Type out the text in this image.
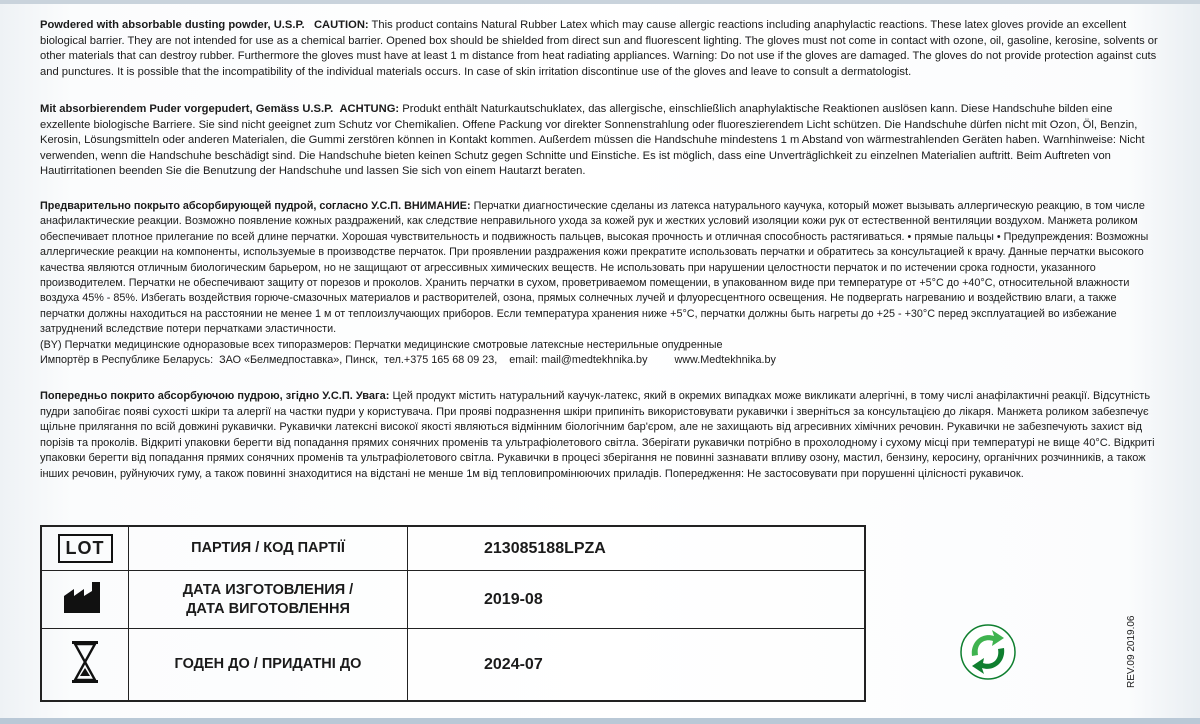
Powdered with absorbable dusting powder, U.S.P. CAUTION: This product contains Natural Rubber Latex which may cause allergic reactions including anaphylactic reactions. These latex gloves provide an excellent biological barrier. They are not intended for use as a chemical barrier. Opened box should be shielded from direct sun and fluorescent lighting. The gloves must not come in contact with ozone, oil, gasoline, kerosine, solvents or other materials that can destroy rubber. Furthermore the gloves must have at least 1 m distance from heat radiating appliances. Warning: Do not use if the gloves are damaged. The gloves do not provide protection against cuts and punctures. It is possible that the incompatibility of the individual materials occurs. In case of skin irritation discontinue use of the gloves and leave to consult a dermatologist.

Mit absorbierendem Puder vorgepudert, Gemäss U.S.P. ACHTUNG: Produkt enthält Naturkautschuklatex, das allergische, einschließlich anaphylaktische Reaktionen auslösen kann. Diese Handschuhe bilden eine exzellente biologische Barriere. Sie sind nicht geeignet zum Schutz vor Chemikalien. Offene Packung vor direkter Sonnenstrahlung oder fluoreszierendem Licht schützen. Die Handschuhe dürfen nicht mit Ozon, Öl, Benzin, Kerosin, Lösungsmitteln oder anderen Materialen, die Gummi zerstören können in Kontakt kommen. Außerdem müssen die Handschuhe mindestens 1 m Abstand von wärmestrahlenden Geräten haben. Warnhinweise: Nicht verwenden, wenn die Handschuhe beschädigt sind. Die Handschuhe bieten keinen Schutz gegen Schnitte und Einstiche. Es ist möglich, dass eine Unverträglichkeit zu einzelnen Materialien auftritt. Beim Auftreten von Hautirritationen beenden Sie die Benutzung der Handschuhe und lassen Sie sich von einem Hautarzt beraten.

Предварительно покрыто абсорбирующей пудрой, согласно У.С.П. ВНИМАНИЕ: Перчатки диагностические сделаны из латекса натурального каучука, который может вызывать аллергическую реакцию, в том числе анафилактические реакции. Возможно появление кожных раздражений, как следствие неправильного ухода за кожей рук и жестких условий изоляции кожи рук от естественной вентиляции воздухом. Манжета роликом обеспечивает плотное прилегание по всей длине перчатки. Хорошая чувствительность и подвижность пальцев, высокая прочность и отличная способность растягиваться. • прямые пальцы • Предупреждения: Возможны аллергические реакции на компоненты, используемые в производстве перчаток. При проявлении раздражения кожи прекратите использовать перчатки и обратитесь за консультацией к врачу. Данные перчатки высокого качества являются отличным биологическим барьером, но не защищают от агрессивных химических веществ. Не использовать при нарушении целостности перчаток и по истечении срока годности, указанного производителем. Перчатки не обеспечивают защиту от порезов и проколов. Хранить перчатки в сухом, проветриваемом помещении, в упакованном виде при температуре от +5°С до +40°С, относительной влажности воздуха 45% - 85%. Избегать воздействия горюче-смазочных материалов и растворителей, озона, прямых солнечных лучей и флуоресцентного освещения. Не подвергать нагреванию и воздействию влаги, а также перчатки должны находиться на расстоянии не менее 1 м от теплоизлучающих приборов. Если температура хранения ниже +5°С, перчатки должны быть нагреты до +25 - +30°С перед эксплуатацией во избежание затруднений вследствие потери перчатками эластичности.

(BY) Перчатки медицинские одноразовые всех типоразмеров: Перчатки медицинские смотровые латексные нестерильные опудренные

Импортёр в Республике Беларусь:  ЗАО «Белмедпоставка», Пинск,  тел.+375 165 68 09 23,    email: mail@medtekhnika.by         www.Medtekhnika.by

Попередньо покрито абсорбуючою пудрою, згідно У.С.П. Увага: Цей продукт містить натуральний каучук-латекс, який в окремих випадках може викликати алергічні, в тому числі анафілактичні реакції. Відсутність пудри запобігає появі сухості шкіри та алергії на частки пудри у користувача. При прояві подразнення шкіри припиніть використовувати рукавички і зверніться за консультацією до лікаря. Манжета роликом забезпечує щільне прилягання по всій довжині рукавички. Рукавички латексні високої якості являються відмінним біологічним бар'єром, але не захищають від агресивних хімічних речовин. Рукавички не забезпечують захист від порізів та проколів. Відкриті упаковки берегти від попадання прямих сонячних променів та ультрафіолетового світла. Зберігати рукавички потрібно в прохолодному і сухому місці при температурі не вище 40°С. Відкриті упаковки берегти від попадання прямих сонячних променів та ультрафіолетового світла. Рукавички в процесі зберігання не повинні зазнавати впливу озону, мастил, бензину, керосину, органічних розчинників, а також інших речовин, руйнуючих гуму, а також повинні знаходитися на відстані не менше 1м від тепловипромінюючих приладів. Попередження: Не застосовувати при порушенні цілісності рукавичок.

LOT	ПАРТИЯ / КОД ПАРТІЇ	213085188LPZA

ДАТА ИЗГОТОВЛЕНИЯ /
ДАТА ВИГОТОВЛЕННЯ	2019-08
	ГОДЕН ДО / ПРИДАТНІ ДО	2024-07	REV.09 2019.06
